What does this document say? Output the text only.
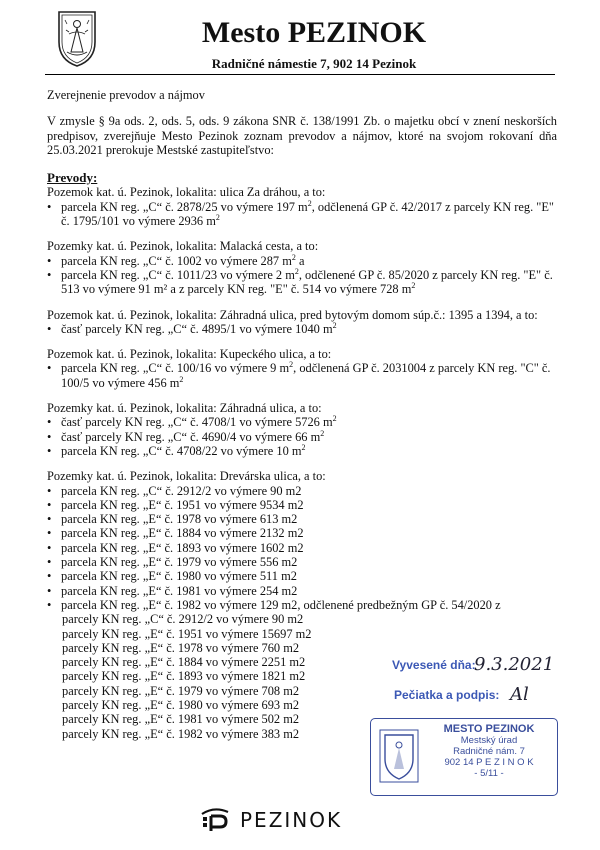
Mesto PEZINOK
Radničné námestie 7, 902 14 Pezinok

Zverejnenie prevodov a nájmov

V zmysle § 9a ods. 2, ods. 5, ods. 9 zákona SNR č. 138/1991 Zb. o majetku obcí v znení neskorších predpisov, zverejňuje Mesto Pezinok zoznam prevodov a nájmov, ktoré na svojom rokovaní dňa 25.03.2021 prerokuje Mestské zastupiteľstvo:

Prevody:

Pozemok kat. ú. Pezinok, lokalita: ulica Za dráhou, a to:

• parcela KN reg. „C“ č. 2878/25 vo výmere 197 $m^2$, odčlenená GP č. 42/2017 z parcely KN reg. "E" č. 1795/101 vo výmere 2936 $m^2$

Pozemky kat. ú. Pezinok, lokalita: Malacká cesta, a to:

• parcela KN reg. „C“ č. 1002 vo výmere 287 $m^2$ a
• parcela KN reg. „C“ č. 1011/23 vo výmere 2 $m^2$, odčlenené GP č. 85/2020 z parcely KN reg. "E" č. 513 vo výmere 91 m² a z parcely KN reg. "E" č. 514 vo výmere 728 $m^2$

Pozemok kat. ú. Pezinok, lokalita: Záhradná ulica, pred bytovým domom súp.č.: 1395 a 1394, a to:

• časť parcely KN reg. „C“ č. 4895/1 vo výmere 1040 $m^2$

Pozemok kat. ú. Pezinok, lokalita: Kupeckého ulica, a to:

• parcela KN reg. „C“ č. 100/16 vo výmere 9 $m^2$, odčlenená GP č. 2031004 z parcely KN reg. "C" č. 100/5 vo výmere 456 $m^2$

Pozemky kat. ú. Pezinok, lokalita: Záhradná ulica, a to:

• časť parcely KN reg. „C“ č. 4708/1 vo výmere 5726 $m^2$
• časť parcely KN reg. „C“ č. 4690/4 vo výmere 66 $m^2$
• parcela KN reg. „C“ č. 4708/22 vo výmere 10 $m^2$

Pozemky kat. ú. Pezinok, lokalita: Drevárska ulica, a to:

• parcela KN reg. „C“ č. 2912/2 vo výmere 90 m2
• parcela KN reg. „E“ č. 1951 vo výmere 9534 m2
• parcela KN reg. „E“ č. 1978 vo výmere 613 m2
• parcela KN reg. „E“ č. 1884 vo výmere 2132 m2
• parcela KN reg. „E“ č. 1893 vo výmere 1602 m2
• parcela KN reg. „E“ č. 1979 vo výmere 556 m2
• parcela KN reg. „E“ č. 1980 vo výmere 511 m2
• parcela KN reg. „E“ č. 1981 vo výmere 254 m2
• parcela KN reg. „E“ č. 1982 vo výmere 129 m2, odčlenené predbežným GP č. 54/2020 z
parcely KN reg. „C“ č. 2912/2 vo výmere 90 m2
parcely KN reg. „E“ č. 1951 vo výmere 15697 m2
parcely KN reg. „E“ č. 1978 vo výmere 760 m2
parcely KN reg. „E“ č. 1884 vo výmere 2251 m2
parcely KN reg. „E“ č. 1893 vo výmere 1821 m2
parcely KN reg. „E“ č. 1979 vo výmere 708 m2
parcely KN reg. „E“ č. 1980 vo výmere 693 m2
parcely KN reg. „E“ č. 1981 vo výmere 502 m2
parcely KN reg. „E“ č. 1982 vo výmere 383 m2
Vyvesené dňa:
9.3.2021
Pečiatka a podpis: Al
MESTO PEZINOK
Mestský úrad
Radničné nám. 7
902 14 P E Z I N O K
- 5/11 -
PEZINOK
